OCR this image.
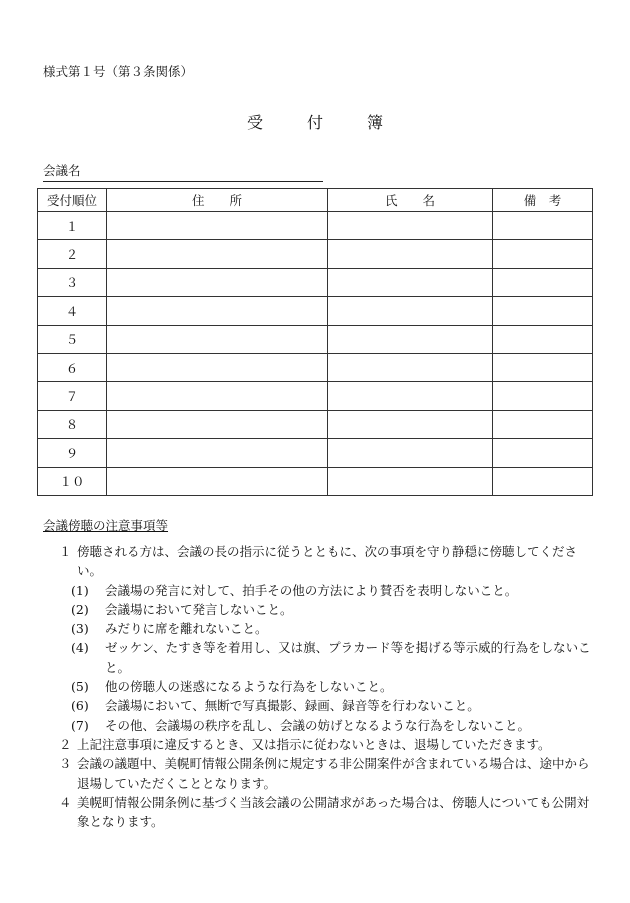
様式第１号（第３条関係）
受	付	簿
会議名
受付順位	住　　所	氏　　名	備　考
１			
２			
３			
４			
５			
６			
７			
８			
９			
１０			
会議傍聴の注意事項等
１ 傍聴される方は、会議の長の指示に従うとともに、次の事項を守り静穏に傍聴してください。
(1)	会議場の発言に対して、拍手その他の方法により賛否を表明しないこと。
(2)	会議場において発言しないこと。
(3)	みだりに席を離れないこと。
(4)	ゼッケン、たすき等を着用し、又は旗、プラカード等を掲げる等示威的行為をしないこと。
(5)	他の傍聴人の迷惑になるような行為をしないこと。
(6)	会議場において、無断で写真撮影、録画、録音等を行わないこと。
(7)	その他、会議場の秩序を乱し、会議の妨げとなるような行為をしないこと。
２ 上記注意事項に違反するとき、又は指示に従わないときは、退場していただきます。
３ 会議の議題中、美幌町情報公開条例に規定する非公開案件が含まれている場合は、途中から退場していただくこととなります。
４ 美幌町情報公開条例に基づく当該会議の公開請求があった場合は、傍聴人についても公開対象となります。
